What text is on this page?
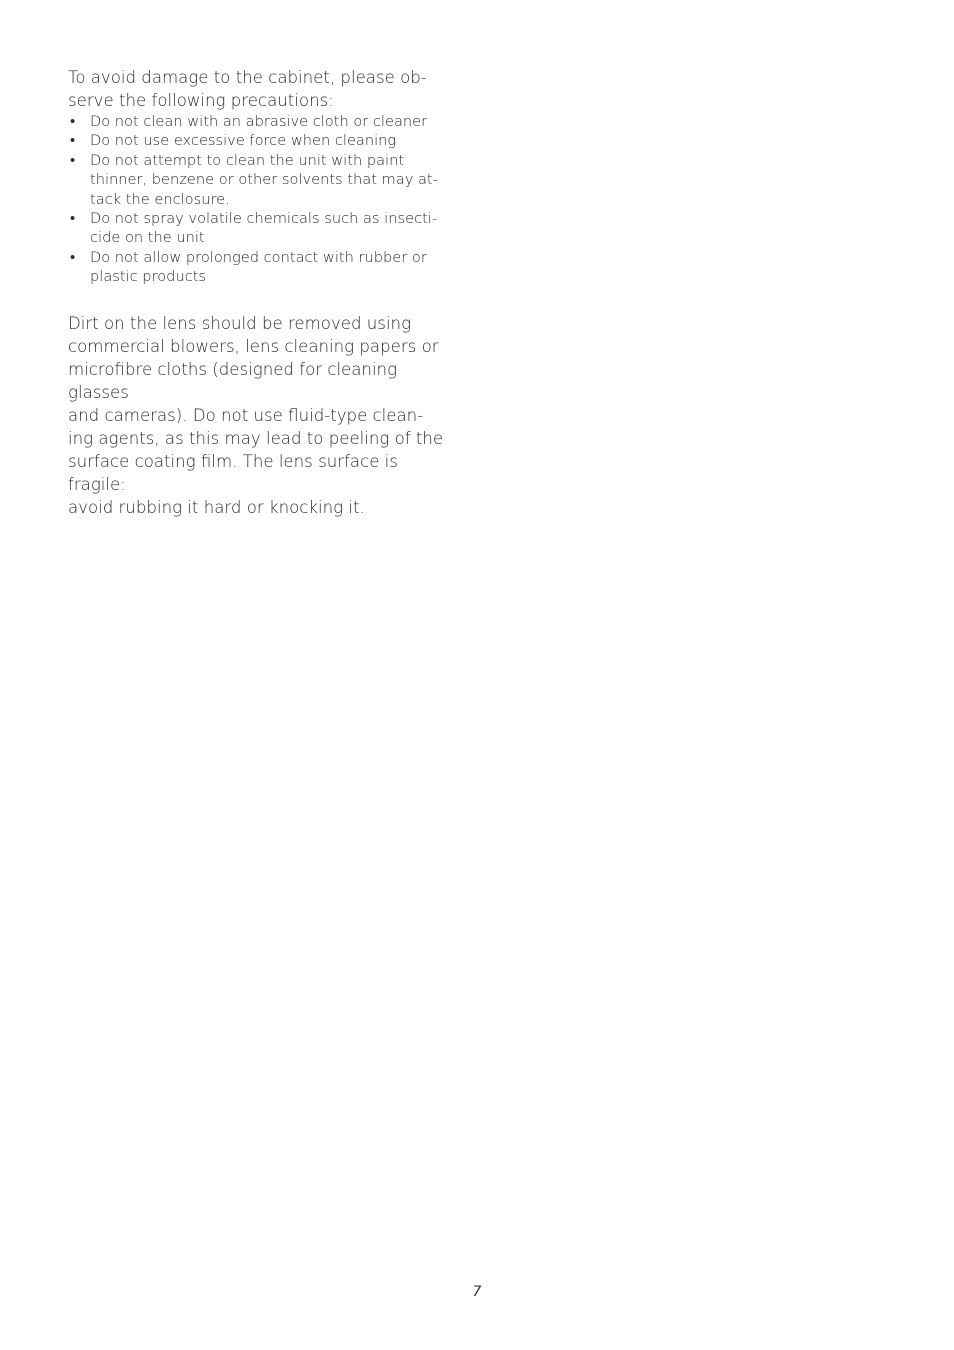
To avoid damage to the cabinet, please ob-
serve the following precautions:

• Do not clean with an abrasive cloth or cleaner
• Do not use excessive force when cleaning
• Do not attempt to clean the unit with paint
thinner, benzene or other solvents that may at-
tack the enclosure.
• Do not spray volatile chemicals such as insecti-
cide on the unit
• Do not allow prolonged contact with rubber or
plastic products

Dirt on the lens should be removed using
commercial blowers, lens cleaning papers or
microfibre cloths (designed for cleaning glasses
and cameras). Do not use fluid-type clean-
ing agents, as this may lead to peeling of the
surface coating film. The lens surface is fragile:
avoid rubbing it hard or knocking it.

7
